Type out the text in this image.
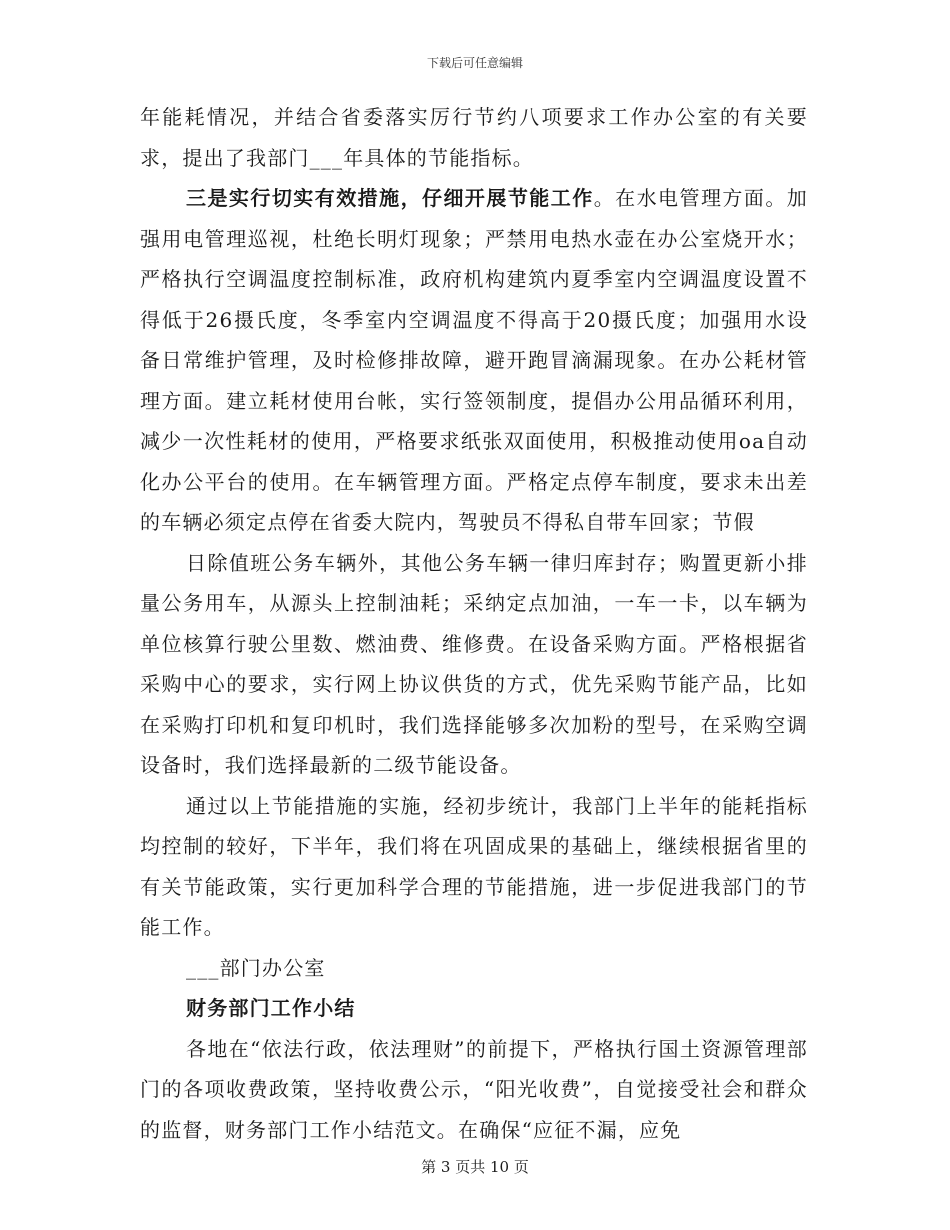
下载后可任意编辑

年能耗情况，并结合省委落实厉行节约八项要求工作办公室的有关要求，提出了我部门___年具体的节能指标。

三是实行切实有效措施，仔细开展节能工作。在水电管理方面。加强用电管理巡视，杜绝长明灯现象；严禁用电热水壶在办公室烧开水；严格执行空调温度控制标准，政府机构建筑内夏季室内空调温度设置不得低于26摄氏度，冬季室内空调温度不得高于20摄氏度；加强用水设备日常维护管理，及时检修排故障，避开跑冒滴漏现象。在办公耗材管理方面。建立耗材使用台帐，实行签领制度，提倡办公用品循环利用，减少一次性耗材的使用，严格要求纸张双面使用，积极推动使用oa自动化办公平台的使用。在车辆管理方面。严格定点停车制度，要求未出差的车辆必须定点停在省委大院内，驾驶员不得私自带车回家；节假

日除值班公务车辆外，其他公务车辆一律归库封存；购置更新小排量公务用车，从源头上控制油耗；采纳定点加油，一车一卡，以车辆为单位核算行驶公里数、燃油费、维修费。在设备采购方面。严格根据省采购中心的要求，实行网上协议供货的方式，优先采购节能产品，比如在采购打印机和复印机时，我们选择能够多次加粉的型号，在采购空调设备时，我们选择最新的二级节能设备。

通过以上节能措施的实施，经初步统计，我部门上半年的能耗指标均控制的较好，下半年，我们将在巩固成果的基础上，继续根据省里的有关节能政策，实行更加科学合理的节能措施，进一步促进我部门的节能工作。

___部门办公室

财务部门工作小结

各地在“依法行政，依法理财”的前提下，严格执行国土资源管理部门的各项收费政策，坚持收费公示，“阳光收费”，自觉接受社会和群众的监督，财务部门工作小结范文。在确保“应征不漏，应免

第 3 页共 10 页
